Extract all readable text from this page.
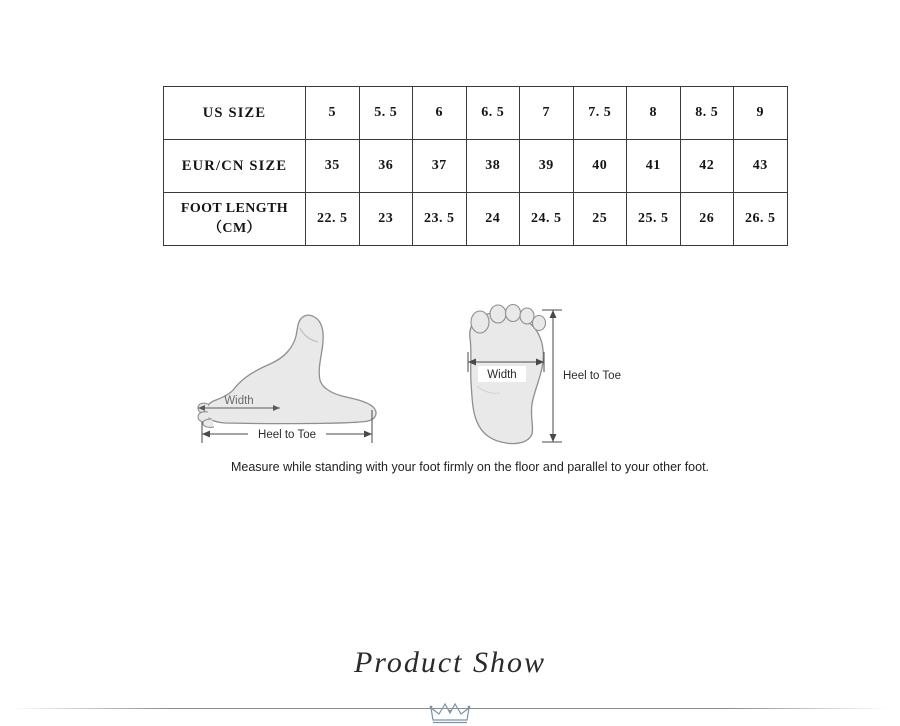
US SIZE	5	5. 5	6	6. 5	7	7. 5	8	8. 5	9
EUR/CN SIZE	35	36	37	38	39	40	41	42	43
FOOT LENGTH（CM）	22. 5	23	23. 5	24	24. 5	25	25. 5	26	26. 5
Width
Heel to Toe
Width	Heel to Toe
Measure while standing with your foot firmly on the floor and parallel to your other foot.
Product Show
